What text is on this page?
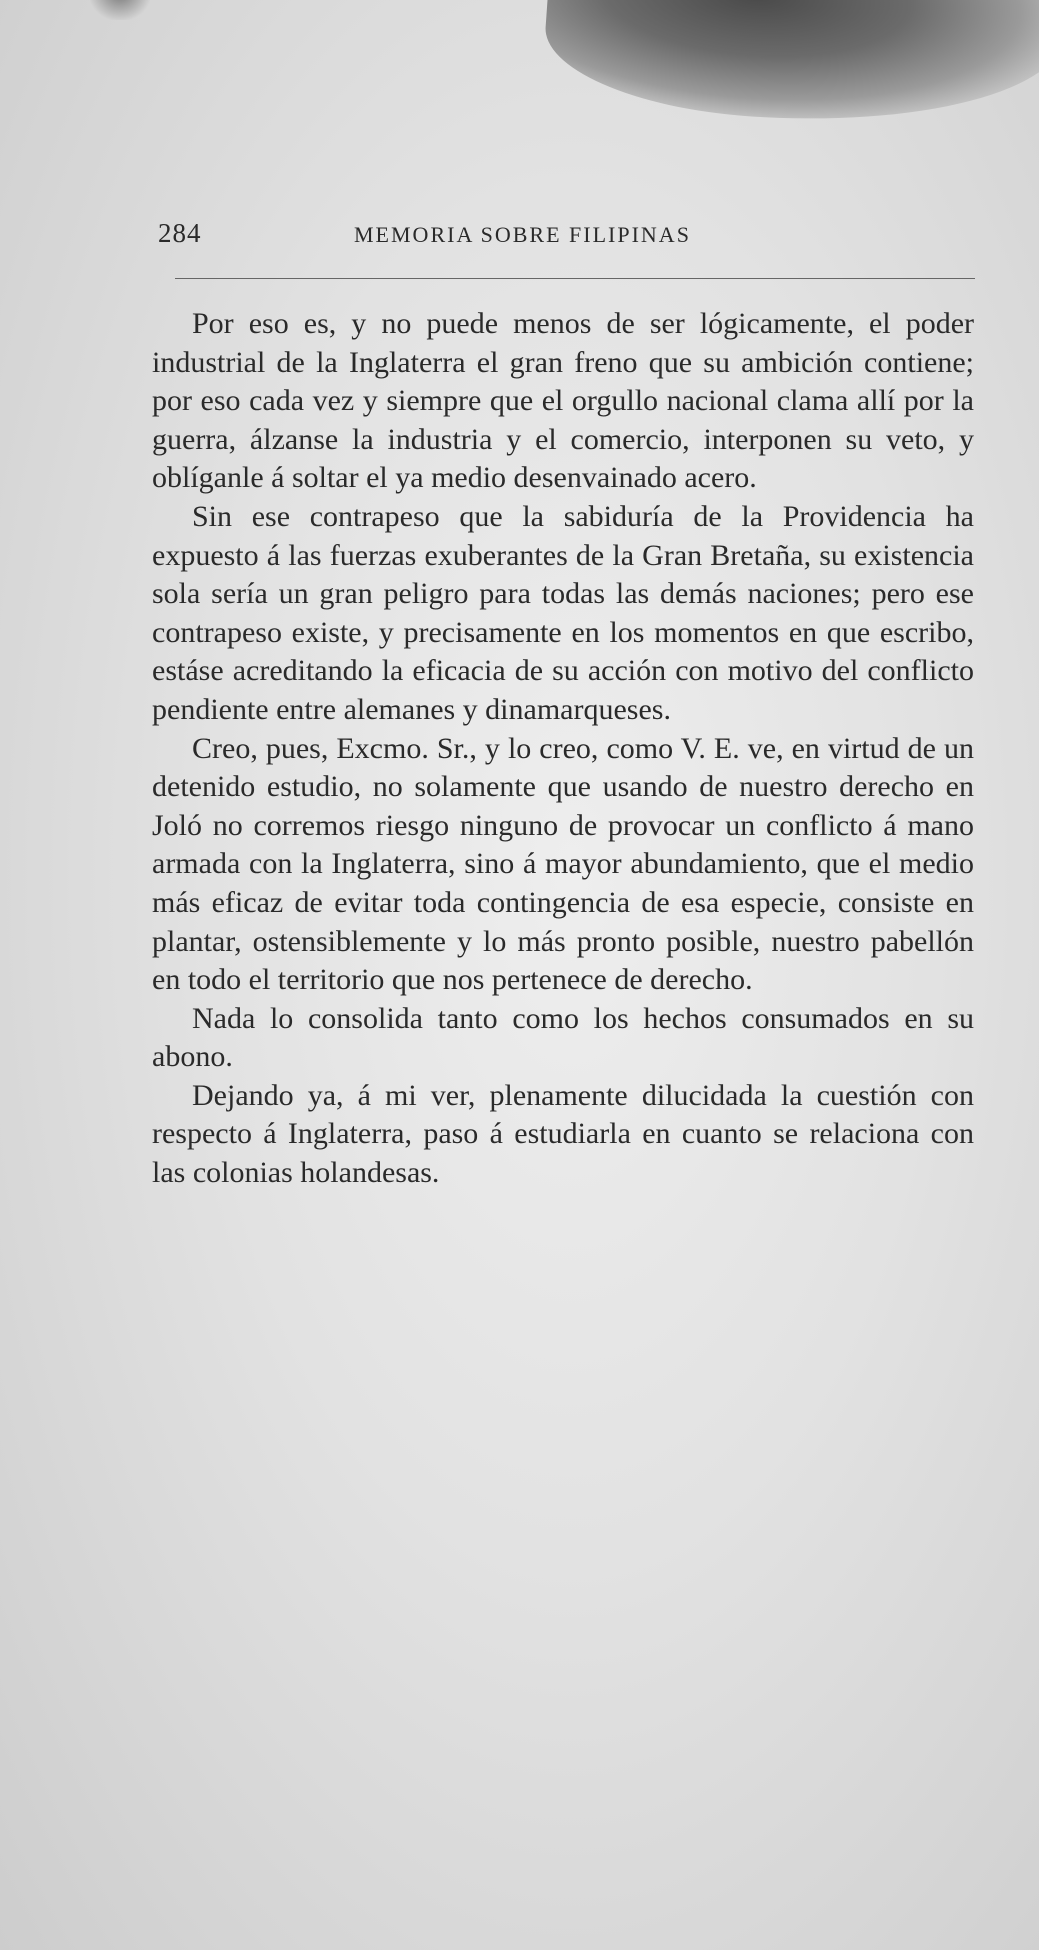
284	MEMORIA SOBRE FILIPINAS

Por eso es, y no puede menos de ser lógicamente, el poder industrial de la Inglaterra el gran freno que su ambición contiene; por eso cada vez y siempre que el orgullo nacional clama allí por la guerra, álzanse la industria y el comercio, interponen su veto, y oblíganle á soltar el ya medio desenvainado acero.

Sin ese contrapeso que la sabiduría de la Providencia ha expuesto á las fuerzas exuberantes de la Gran Bretaña, su existencia sola sería un gran peligro para todas las demás naciones; pero ese contrapeso existe, y precisamente en los momentos en que escribo, estáse acreditando la eficacia de su acción con motivo del conflicto pendiente entre alemanes y dinamarqueses.

Creo, pues, Excmo. Sr., y lo creo, como V. E. ve, en virtud de un detenido estudio, no solamente que usando de nuestro derecho en Joló no corremos riesgo ninguno de provocar un conflicto á mano armada con la Inglaterra, sino á mayor abundamiento, que el medio más eficaz de evitar toda contingencia de esa especie, consiste en plantar, ostensiblemente y lo más pronto posible, nuestro pabellón en todo el territorio que nos pertenece de derecho.

Nada lo consolida tanto como los hechos consumados en su abono.

Dejando ya, á mi ver, plenamente dilucidada la cuestión con respecto á Inglaterra, paso á estudiarla en cuanto se relaciona con las colonias holandesas.
